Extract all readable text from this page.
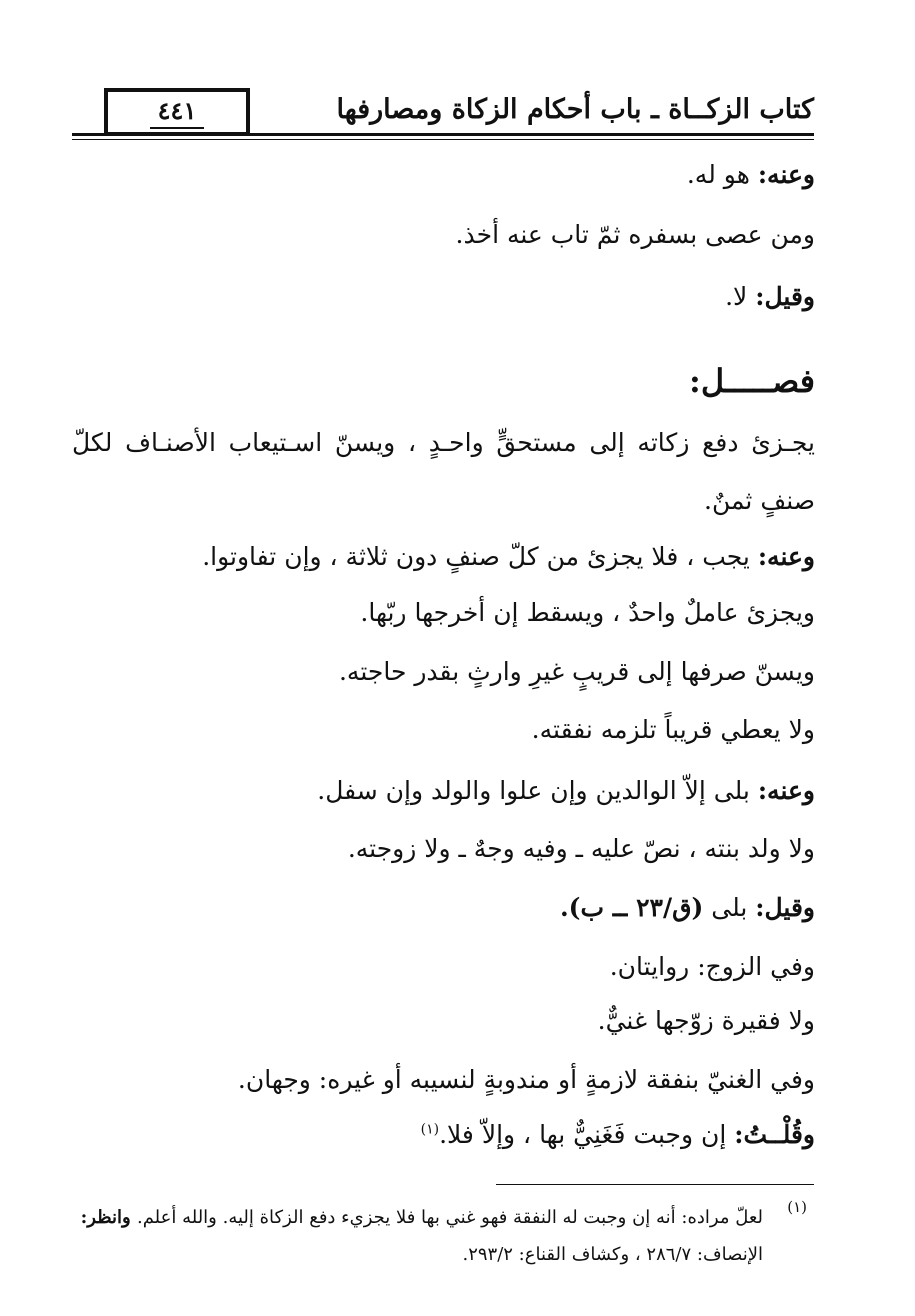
٤٤١	كتاب الزكــاة ـ باب أحكام الزكاة ومصارفها
وعنه: هو له.
ومن عصى بسفره ثمّ تاب عنه أخذ.
وقيل: لا.
فصـــــل:
يجـزئ دفع زكاته إلى مستحقٍّ واحـدٍ ، ويسنّ اسـتيعاب الأصنـاف لكلّ
صنفٍ ثمنٌ.
وعنه: يجب ، فلا يجزئ من كلّ صنفٍ دون ثلاثة ، وإن تفاوتوا.
ويجزئ عاملٌ واحدٌ ، ويسقط إن أخرجها ربّها.
ويسنّ صرفها إلى قريبٍ غيرِ وارثٍ بقدر حاجته.
ولا يعطي قريباً تلزمه نفقته.
وعنه: بلى إلاّ الوالدين وإن علوا والولد وإن سفل.
ولا ولد بنته ، نصّ عليه ـ وفيه وجهٌ ـ ولا زوجته.
وقيل: بلى (ق/٢٣ ــ ب).
وفي الزوج: روايتان.
ولا فقيرة زوّجها غنيٌّ.
وفي الغنيّ بنفقة لازمةٍ أو مندوبةٍ لنسيبه أو غيره: وجهان.
وقُلْــتُ: إن وجبت فَغَنِيٌّ بها ، وإلاّ فلا.$^{(١)}$
(١)
لعلّ مراده: أنه إن وجبت له النفقة فهو غني بها فلا يجزيء دفع الزكاة إليه. والله أعلم. وانظر:
الإنصاف: ٢٨٦/٧ ، وكشاف القناع: ٢٩٣/٢.
